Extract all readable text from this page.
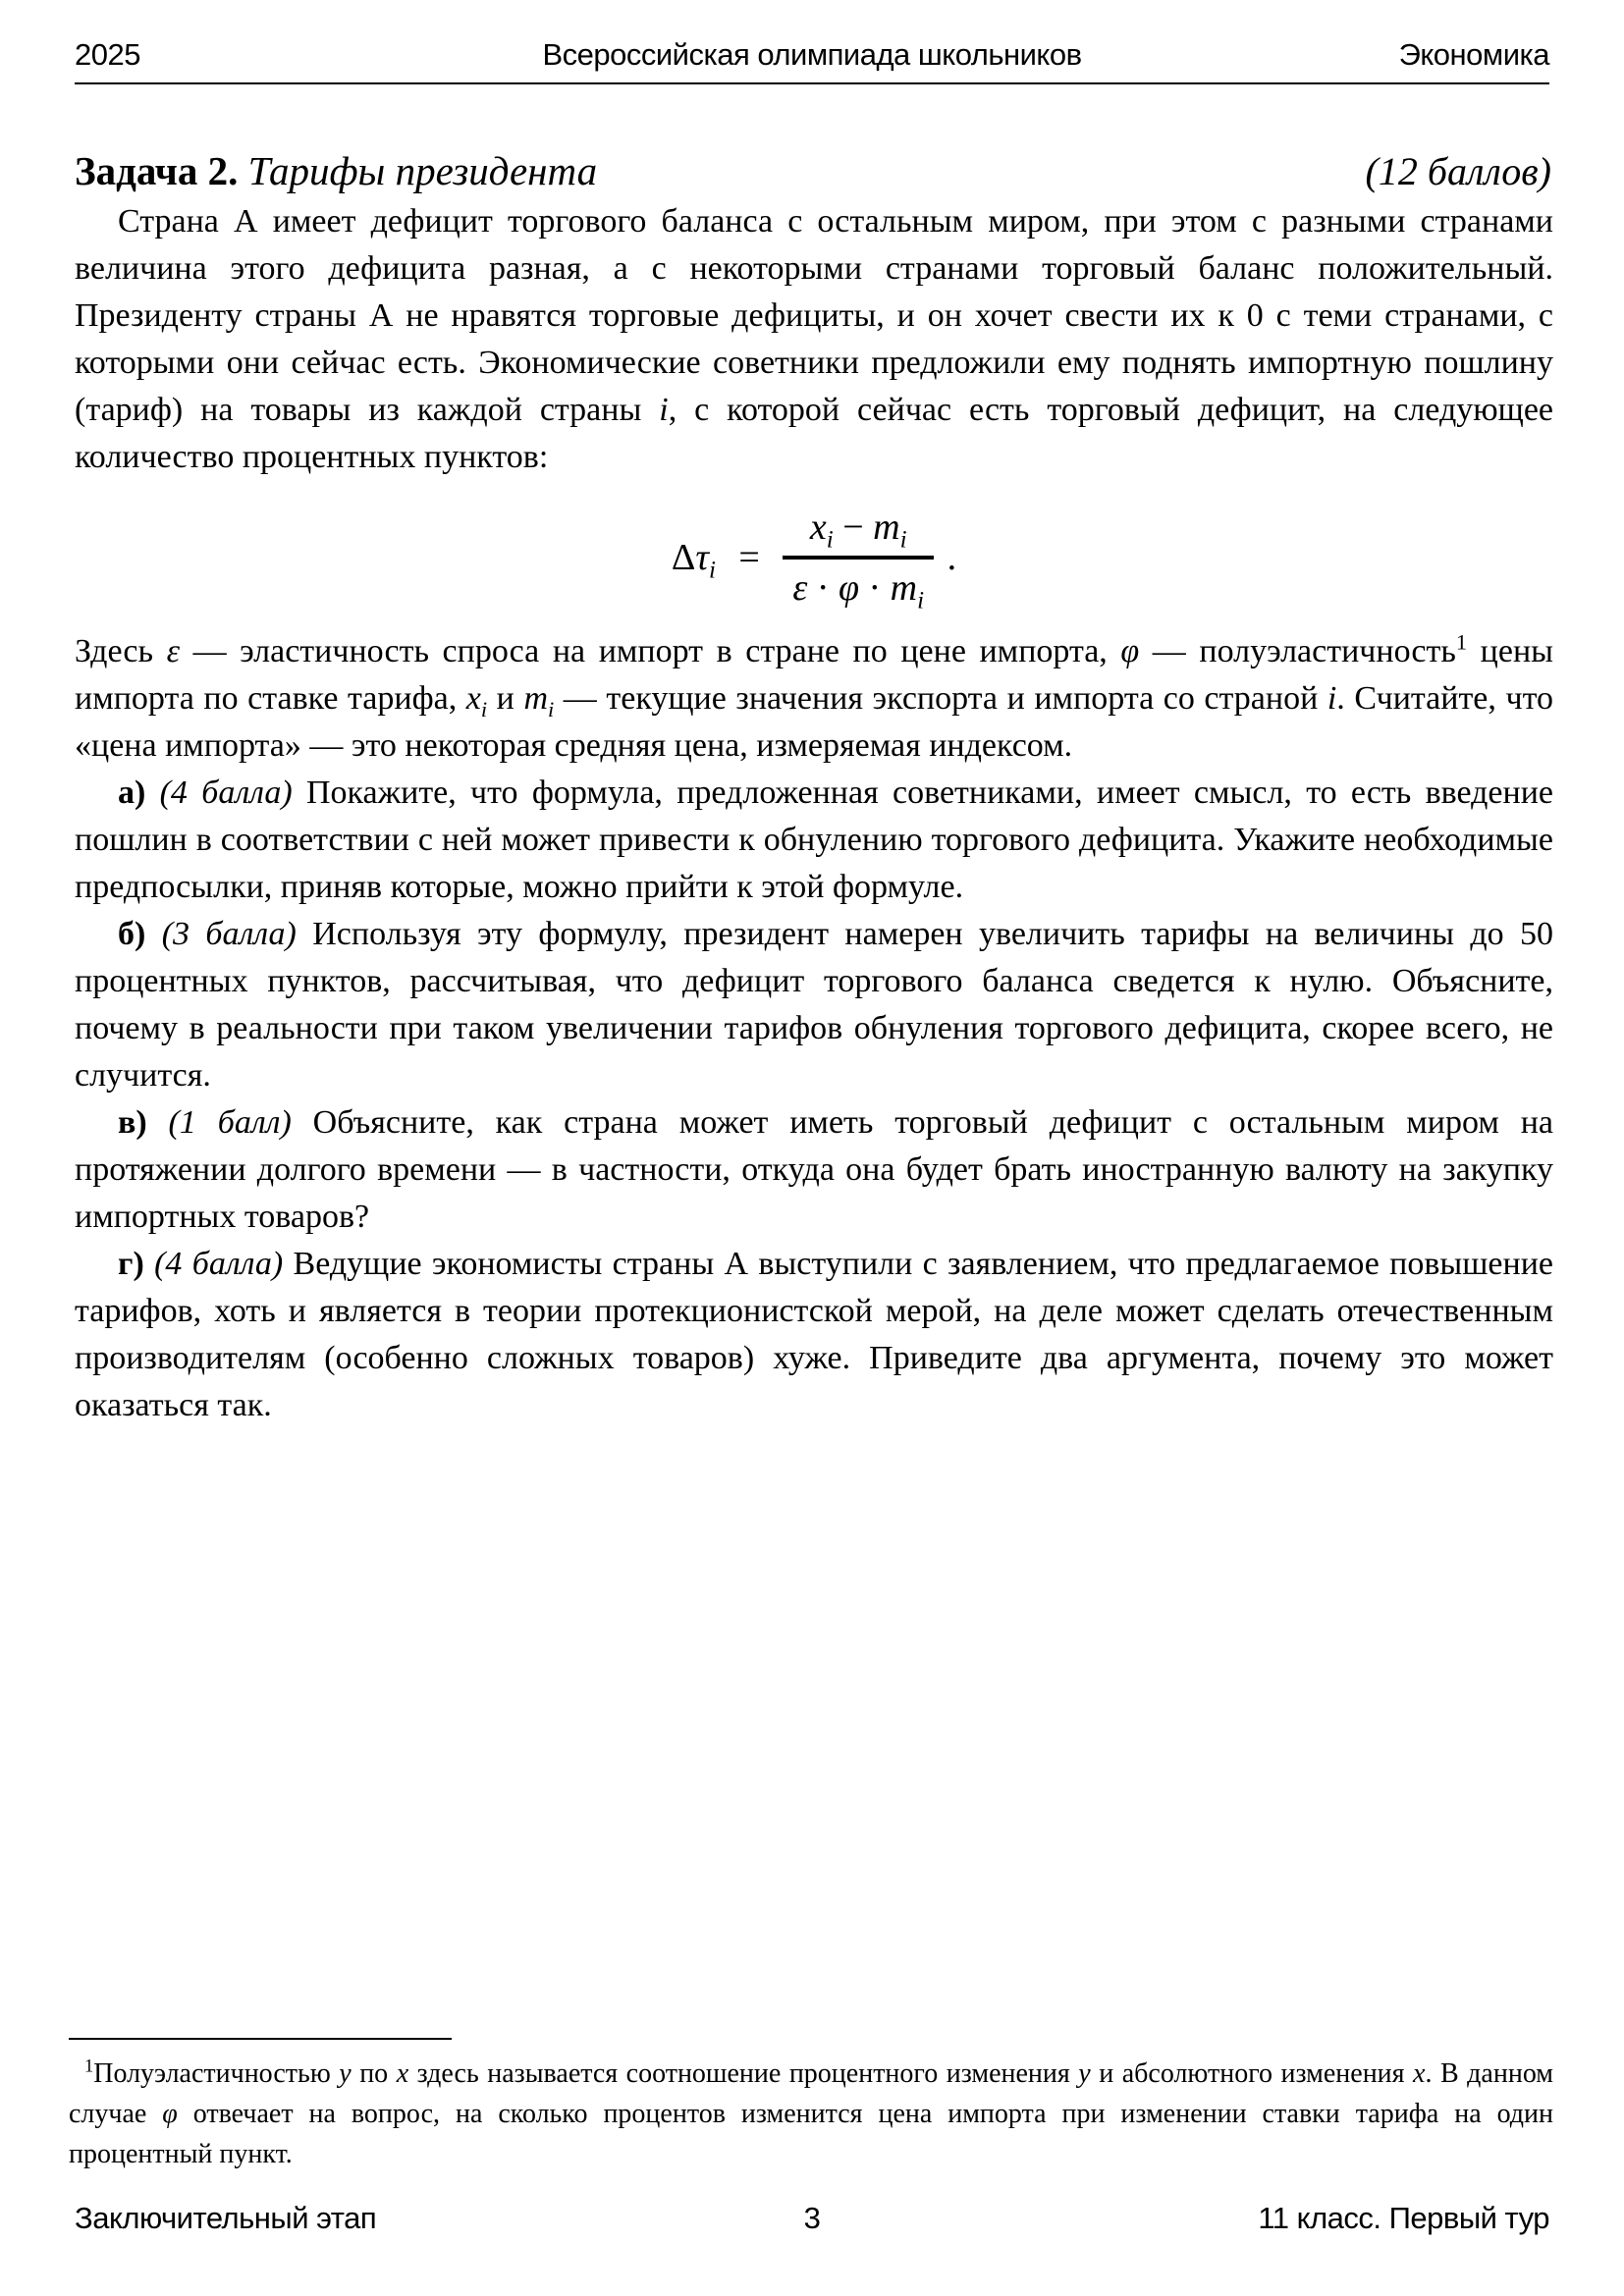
2025	Всероссийская олимпиада школьников	Экономика
Задача 2. Тарифы президента	(12 баллов)

Страна А имеет дефицит торгового баланса с остальным миром, при этом с разными странами величина этого дефицита разная, а с некоторыми странами торговый баланс положительный. Президенту страны А не нравятся торговые дефициты, и он хочет свести их к 0 с теми странами, с которыми они сейчас есть. Экономические советники предложили ему поднять импортную пошлину (тариф) на товары из каждой страны i, с которой сейчас есть торговый дефицит, на следующее количество процентных пунктов:

$\Delta\tau_i = \frac{x_i - m_i}{\varepsilon \cdot \varphi \cdot m_i}$ .

Здесь ε — эластичность спроса на импорт в стране по цене импорта, φ — полуэластичность$^1$ цены импорта по ставке тарифа, $x_i$ и $m_i$ — текущие значения экспорта и импорта со страной i. Считайте, что «цена импорта» — это некоторая средняя цена, измеряемая индексом.

а) (4 балла) Покажите, что формула, предложенная советниками, имеет смысл, то есть введение пошлин в соответствии с ней может привести к обнулению торгового дефицита. Укажите необходимые предпосылки, приняв которые, можно прийти к этой формуле.

б) (3 балла) Используя эту формулу, президент намерен увеличить тарифы на величины до 50 процентных пунктов, рассчитывая, что дефицит торгового баланса сведется к нулю. Объясните, почему в реальности при таком увеличении тарифов обнуления торгового дефицита, скорее всего, не случится.

в) (1 балл) Объясните, как страна может иметь торговый дефицит с остальным миром на протяжении долгого времени — в частности, откуда она будет брать иностранную валюту на закупку импортных товаров?

г) (4 балла) Ведущие экономисты страны А выступили с заявлением, что предлагаемое повышение тарифов, хоть и является в теории протекционистской мерой, на деле может сделать отечественным производителям (особенно сложных товаров) хуже. Приведите два аргумента, почему это может оказаться так.

$^1$Полуэластичностью y по x здесь называется соотношение процентного изменения y и абсолютного изменения x. В данном случае φ отвечает на вопрос, на сколько процентов изменится цена импорта при изменении ставки тарифа на один процентный пункт.
Заключительный этап	3	11 класс. Первый тур
